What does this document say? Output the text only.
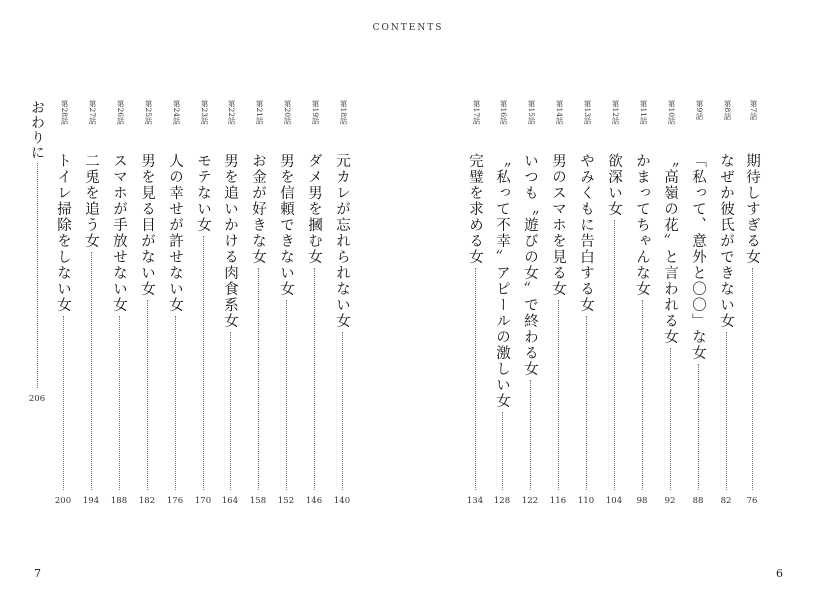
CONTENTS
第7話
期待しすぎる女
76
第8話
なぜか彼氏ができない女
82
第9話
「私って、意外と〇〇」な女
88
第10話
〝高嶺の花〟と言われる女
92
第11話
かまってちゃんな女
98
第12話
欲深い女
104
第13話
やみくもに告白する女
110
第14話
男のスマホを見る女
116
第15話
いつも〝遊びの女〟で終わる女
122
第16話
〝私って不幸〟アピールの激しい女
128
第17話
完璧を求める女
134
第18話
元カレが忘れられない女
140
第19話
ダメ男を摑む女
146
第20話
男を信頼できない女
152
第21話
お金が好きな女
158
第22話
男を追いかける肉食系女
164
第23話
モテない女
170
第24話
人の幸せが許せない女
176
第25話
男を見る目がない女
182
第26話
スマホが手放せない女
188
第27話
二兎を追う女
194
第28話
トイレ掃除をしない女
200
おわりに
206
7	6
